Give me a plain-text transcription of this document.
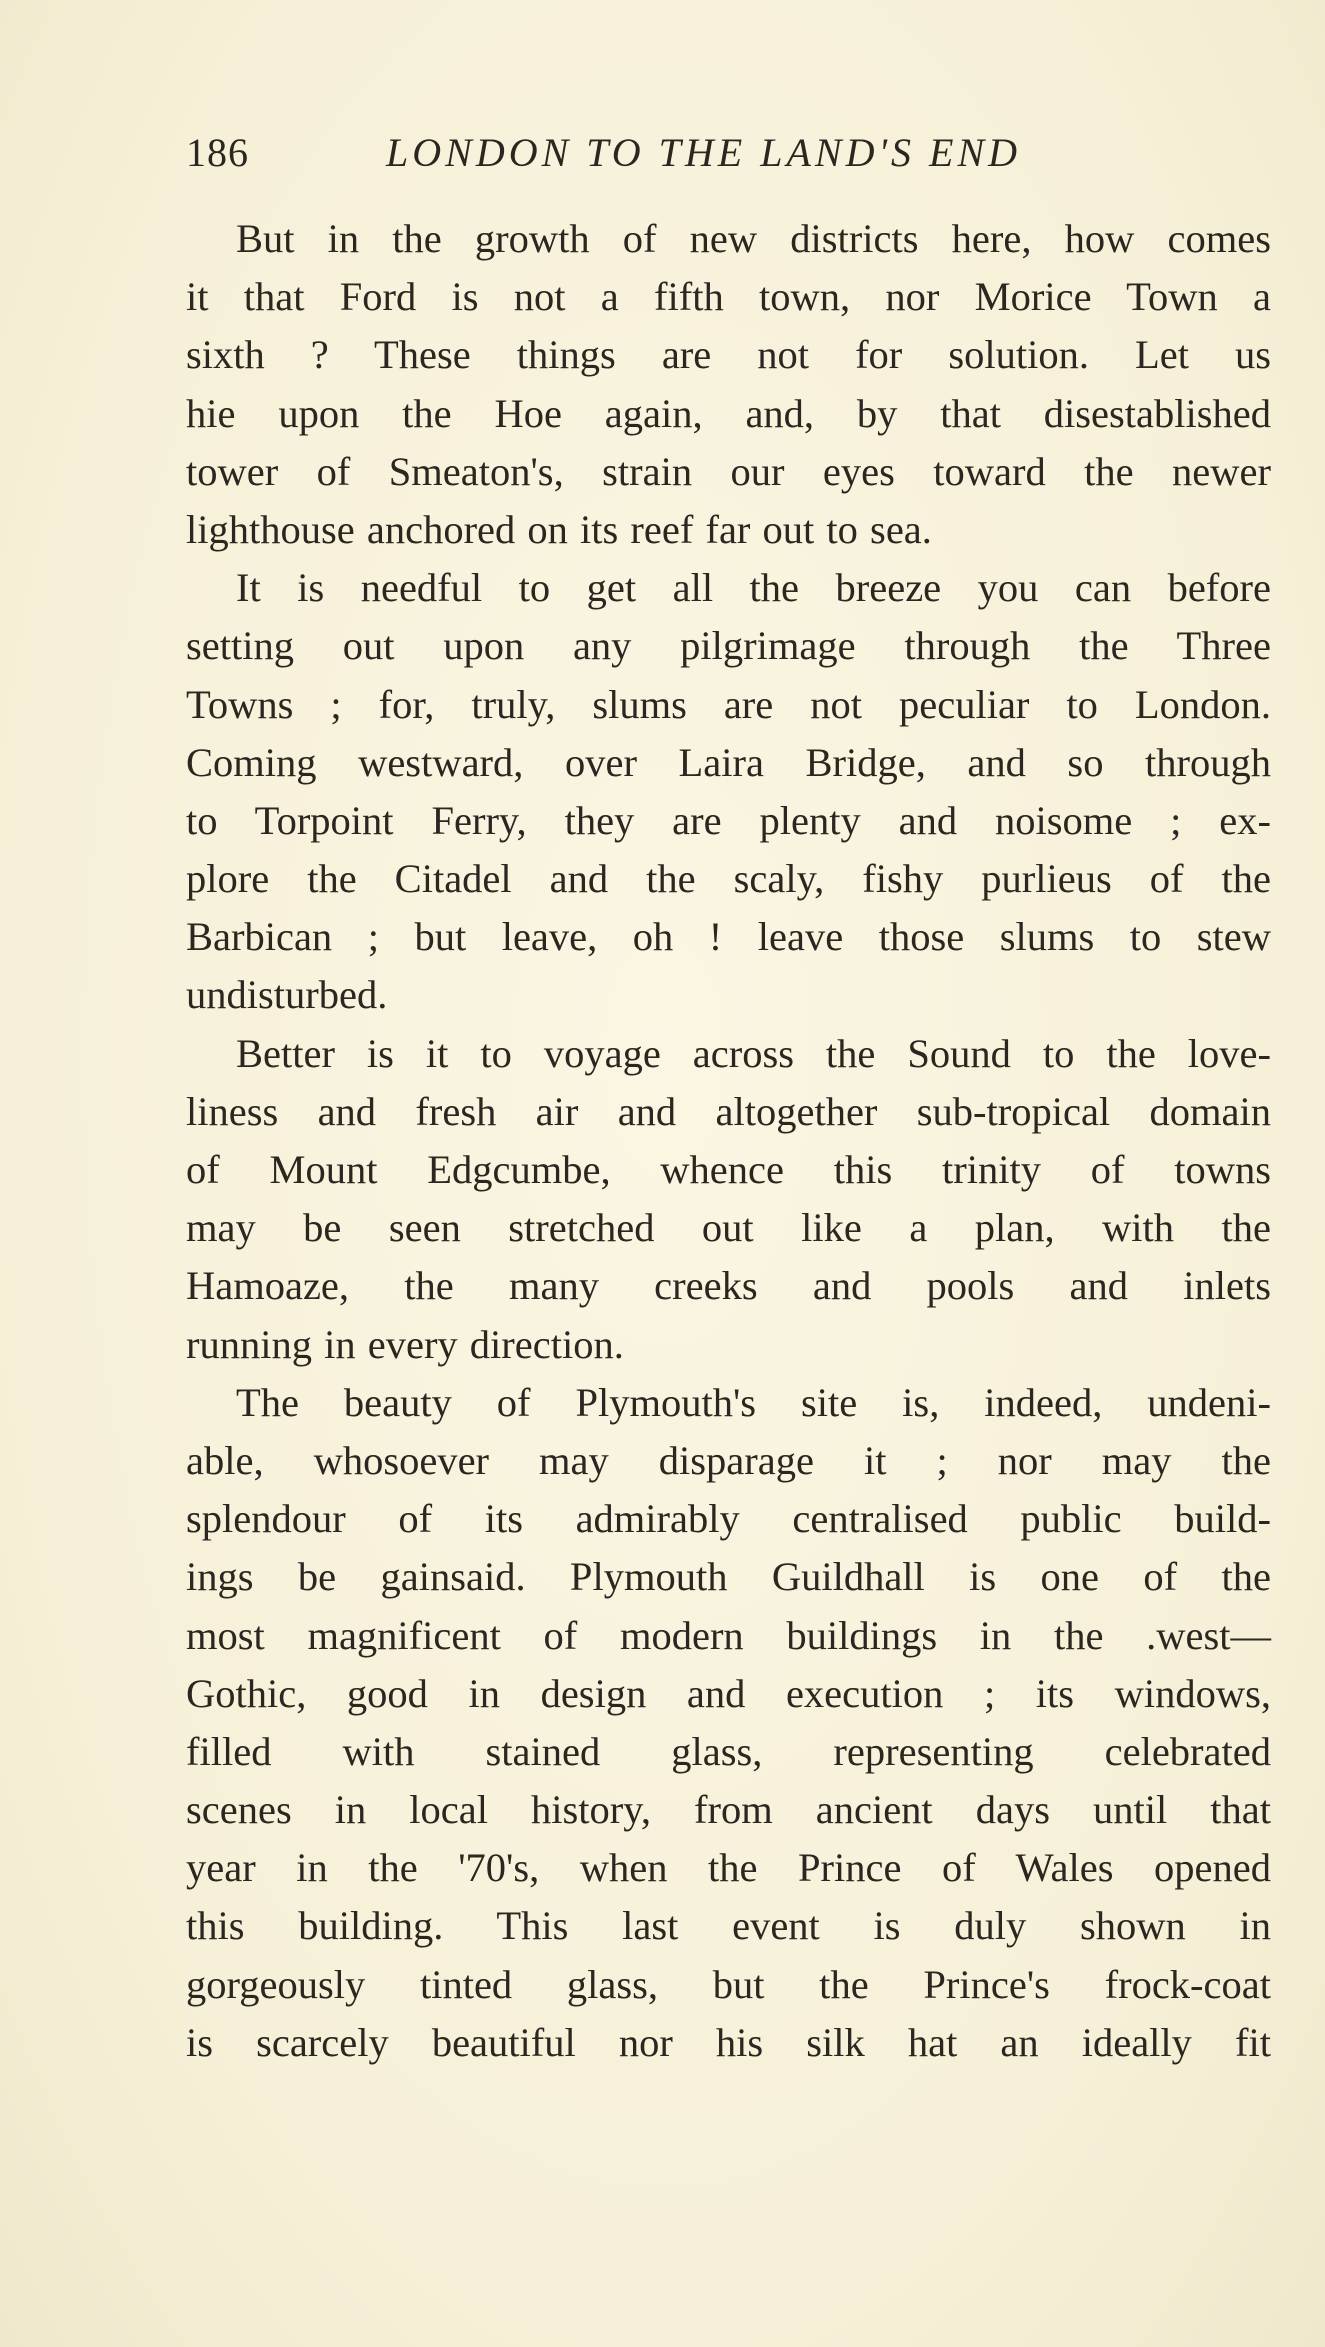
186	LONDON TO THE LAND'S END
But in the growth of new districts here, how comes
it that Ford is not a fifth town, nor Morice Town a
sixth ? These things are not for solution. Let us
hie upon the Hoe again, and, by that disestablished
tower of Smeaton's, strain our eyes toward the newer
lighthouse anchored on its reef far out to sea.
It is needful to get all the breeze you can before
setting out upon any pilgrimage through the Three
Towns ; for, truly, slums are not peculiar to London.
Coming westward, over Laira Bridge, and so through
to Torpoint Ferry, they are plenty and noisome ; ex-
plore the Citadel and the scaly, fishy purlieus of the
Barbican ; but leave, oh ! leave those slums to stew
undisturbed.
Better is it to voyage across the Sound to the love-
liness and fresh air and altogether sub-tropical domain
of Mount Edgcumbe, whence this trinity of towns
may be seen stretched out like a plan, with the
Hamoaze, the many creeks and pools and inlets
running in every direction.
The beauty of Plymouth's site is, indeed, undeni-
able, whosoever may disparage it ; nor may the
splendour of its admirably centralised public build-
ings be gainsaid. Plymouth Guildhall is one of the
most magnificent of modern buildings in the .west—
Gothic, good in design and execution ; its windows,
filled with stained glass, representing celebrated
scenes in local history, from ancient days until that
year in the '70's, when the Prince of Wales opened
this building. This last event is duly shown in
gorgeously tinted glass, but the Prince's frock-coat
is scarcely beautiful nor his silk hat an ideally fit
